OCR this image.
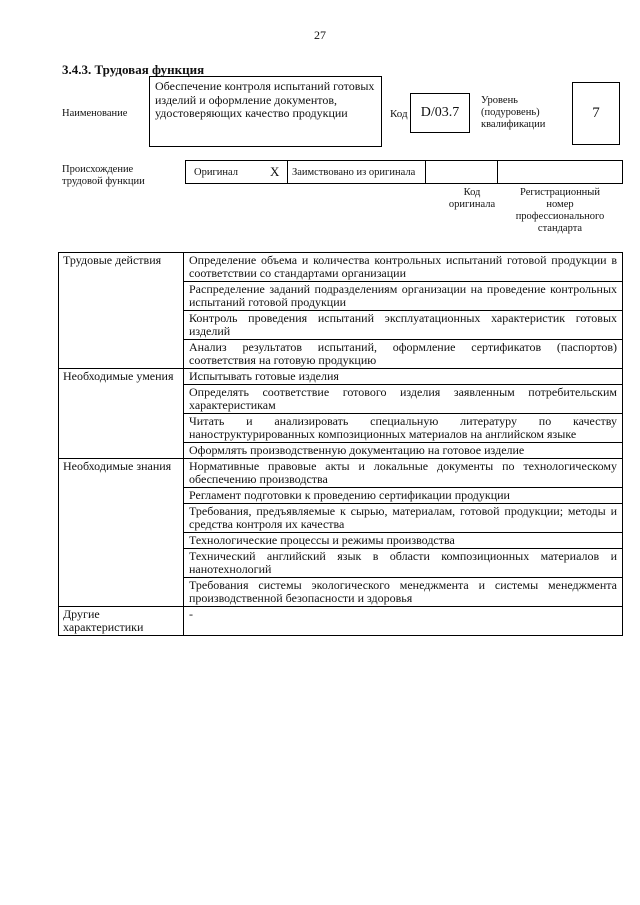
27
3.4.3. Трудовая функция
Наименование
Обеспечение контроля испытаний готовых изделий и оформление документов, удостоверяющих качество продукции	Код D/03.7
Уровень
(подуровень)
квалификации
7
Происхождение
трудовой функции
Оригинал X	Заимствовано из оригинала
Код
оригинала
Регистрационный
номер
профессионального
стандарта
Трудовые действия	Определение объема и количества контрольных испытаний готовой продукции в соответствии со стандартами организации
	Распределение заданий подразделениям организации на проведение контрольных испытаний готовой продукции
	Контроль проведения испытаний эксплуатационных характеристик готовых изделий
	Анализ результатов испытаний, оформление сертификатов (паспортов) соответствия на готовую продукцию
Необходимые умения	Испытывать готовые изделия
	Определять соответствие готового изделия заявленным потребительским характеристикам
	Читать и анализировать специальную литературу по качеству наноструктурированных композиционных материалов на английском языке
	Оформлять производственную документацию на готовое изделие
Необходимые знания	Нормативные правовые акты и локальные документы по технологическому обеспечению производства
	Регламент подготовки к проведению сертификации продукции
	Требования, предъявляемые к сырью, материалам, готовой продукции; методы и средства контроля их качества
	Технологические процессы и режимы производства
	Технический английский язык в области композиционных материалов и нанотехнологий
	Требования системы экологического менеджмента и системы менеджмента производственной безопасности и здоровья
Другие характеристики	-
